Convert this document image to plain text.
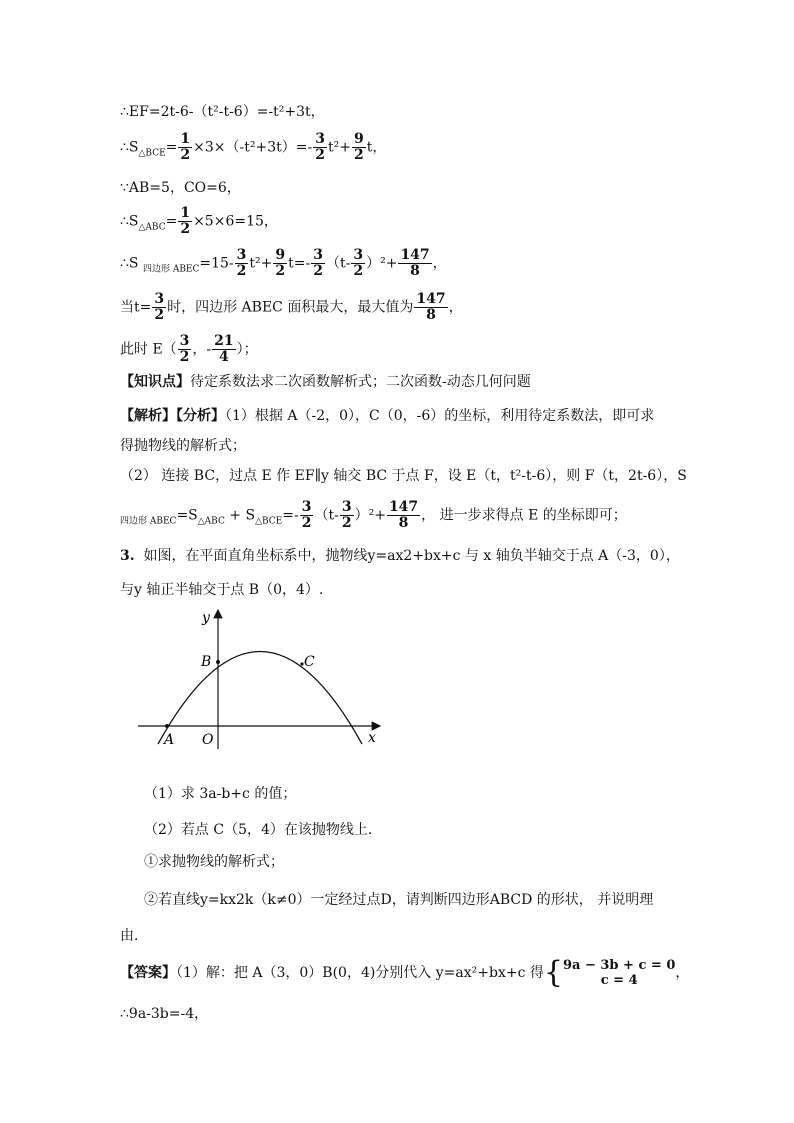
∴EF=2t-6-（t²-t-6）=-t²+3t，
$\therefore S_{\triangle BCE}= \frac{1}{2} \times 3\times(-t^2+3t)=- \frac{3}{2} t^2+ \frac{9}{2}$ t，
∵AB=5，CO=6，
$\therefore S_{\triangle ABC}= \frac{1}{2} \times 5\times 6=15$，
∴S $_{四边形 ABEC}=15- \frac{3}{2} t^2+ \frac{9}{2} t=- \frac{3}{2} (t- \frac{3}{2} )^2+ \frac{147}{8}$ ，
当$t= \frac{3}{2}$ 时，四边形 ABEC 面积最大，最大值为 $\frac{147}{8}$ ，
此时 $E( \frac{3}{2}$ ，- $\frac{21}{4}$ ）；
【知识点】待定系数法求二次函数解析式；二次函数-动态几何问题
【解析】【分析】（1）根据 A（-2，0），C（0，-6）的坐标，利用待定系数法，即可求
得抛物线的解析式；
（2） 连接 BC，过点 E 作 EF∥y 轴交 BC 于点 F，设 E（t，t²-t-6），则 F（t，2t-6），S
$_{四边形 ABEC}=S_{\triangle ABC} + S_{\triangle BCE}=- \frac{3}{2} (t- \frac{3}{2} )^2+ \frac{147}{8}$ ， 进一步求得点 E 的坐标即可；
3. 如图，在平面直角坐标系中，抛物线y=ax2+bx+c 与 x 轴负半轴交于点 A（-3，0），
与y 轴正半轴交于点 B（0，4）.
y
x
O
A
B	C
（1）求 3a-b+c 的值；
（2）若点 C（5，4）在该抛物线上．
①求抛物线的解析式；
②若直线y=kx2k（k≠0）一定经过点D，请判断四边形ABCD 的形状， 并说明理
由．
【答案】（1）解：把 A（3，0）B(0，4)分别代入 y=ax²+bx+c 得{ 9a − 3b + c = 0
c = 4	，
∴9a-3b=-4，
